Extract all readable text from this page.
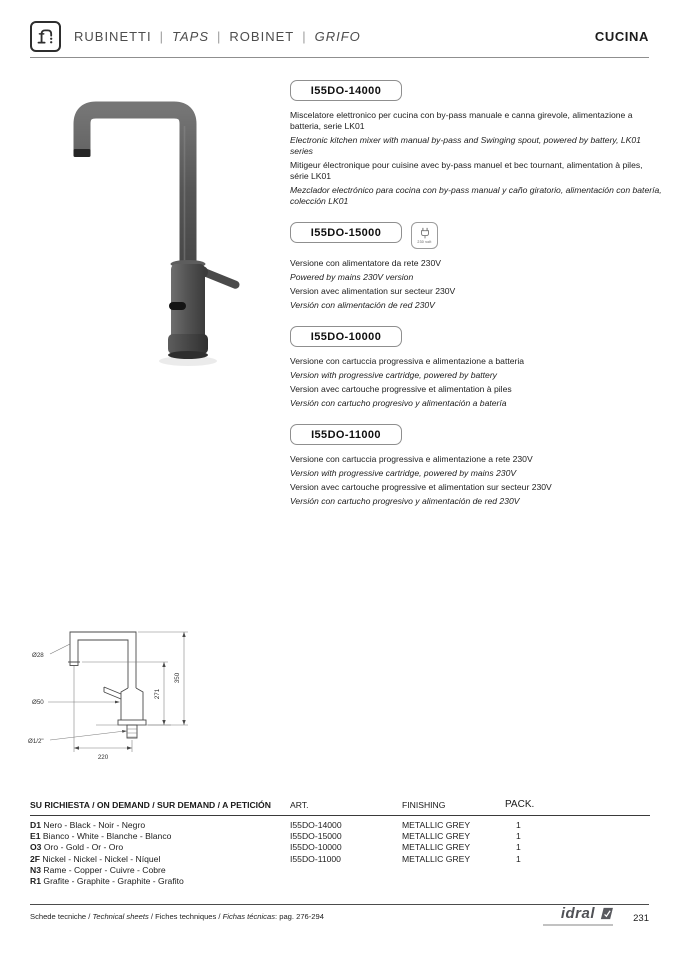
RUBINETTI | TAPS | ROBINET | GRIFO	CUCINA
I55DO-14000

Miscelatore elettronico per cucina con by-pass manuale e canna girevole, alimentazione a batteria, serie LK01

Electronic kitchen mixer with manual by-pass and Swinging spout, powered by battery, LK01 series

Mitigeur électronique pour cuisine avec by-pass manuel et bec tournant, alimentation à piles, série LK01

Mezclador electrónico para cocina con by-pass manual y caño giratorio, alimentación con batería, colección LK01

I55DO-15000
230 volt

Versione con alimentatore da rete 230V

Powered by mains 230V version

Version avec alimentation sur secteur 230V

Versión con alimentación de red 230V

I55DO-10000

Versione con cartuccia progressiva e alimentazione a batteria

Version with progressive cartridge, powered by battery

Version avec cartouche progressive et alimentation à piles

Versión con cartucho progresivo y alimentación a batería

I55DO-11000

Versione con cartuccia progressiva e alimentazione a rete 230V

Version with progressive cartridge, powered by mains 230V

Version avec cartouche progressive et alimentation sur secteur 230V

Versión con cartucho progresivo y alimentación de red 230V

Ø28
Ø50
Ø1/2"
350
271
220
SU RICHIESTA / ON DEMAND / SUR DEMAND / A PETICIÓN	ART.	FINISHING	PACK.
D1 Nero - Black - Noir - Negro	I55DO-14000	METALLIC GREY	1
E1 Bianco - White - Blanche - Blanco	I55DO-15000	METALLIC GREY	1
O3 Oro - Gold - Or - Oro	I55DO-10000	METALLIC GREY	1
2F Nickel - Nickel - Nickel - Níquel	I55DO-11000	METALLIC GREY	1
N3 Rame - Copper - Cuivre - Cobre
R1 Grafite - Graphite - Graphite - Grafito
Schede tecniche / Technical sheets / Fiches techniques / Fichas técnicas: pag. 276-294	idral	231
